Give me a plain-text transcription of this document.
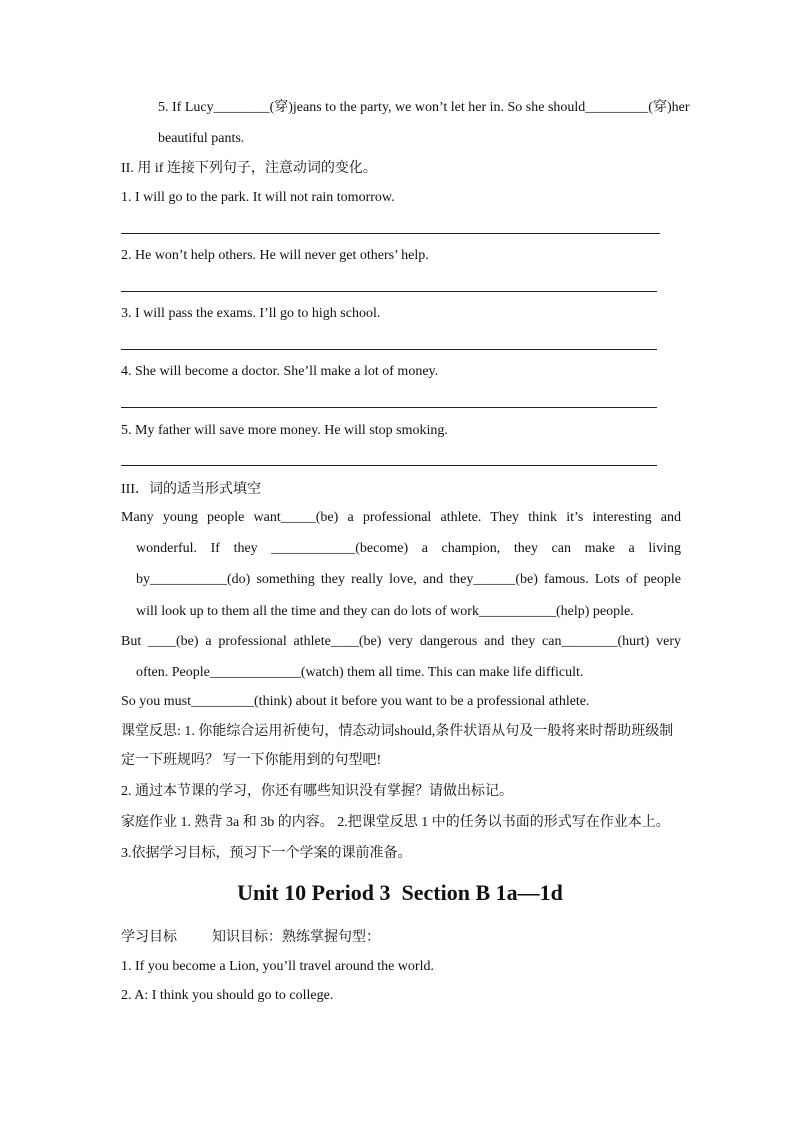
5. If Lucy________(穿)jeans to the party, we won’t let her in. So she should_________(穿)her
beautiful pants.
II. 用 if 连接下列句子，注意动词的变化。
1. I will go to the park. It will not rain tomorrow.
2. He won’t help others. He will never get others’ help.
3. I will pass the exams. I’ll go to high school.
4. She will become a doctor. She’ll make a lot of money.
5. My father will save more money. He will stop smoking.
III．词的适当形式填空
Many young people want_____(be) a professional athlete. They think it’s interesting and
wonderful. If they ____________(become) a champion, they can make a living
by___________(do) something they really love, and they______(be) famous. Lots of people
will look up to them all the time and they can do lots of work___________(help) people.
But ____(be) a professional athlete____(be) very dangerous and they can________(hurt) very
often. People_____________(watch) them all time. This can make life difficult.
So you must_________(think) about it before you want to be a professional athlete.
课堂反思: 1. 你能综合运用祈使句，情态动词should,条件状语从句及一般将来时帮助班级制
定一下班规吗？ 写一下你能用到的句型吧!
2. 通过本节课的学习，你还有哪些知识没有掌握？请做出标记。
家庭作业 1. 熟背 3a 和 3b 的内容。 2.把课堂反思 1 中的任务以书面的形式写在作业本上。
3.依据学习目标，预习下一个学案的课前准备。
Unit 10 Period 3  Section B 1a—1d
学习目标          知识目标：熟练掌握句型：
1. If you become a Lion, you’ll travel around the world.
2. A: I think you should go to college.
